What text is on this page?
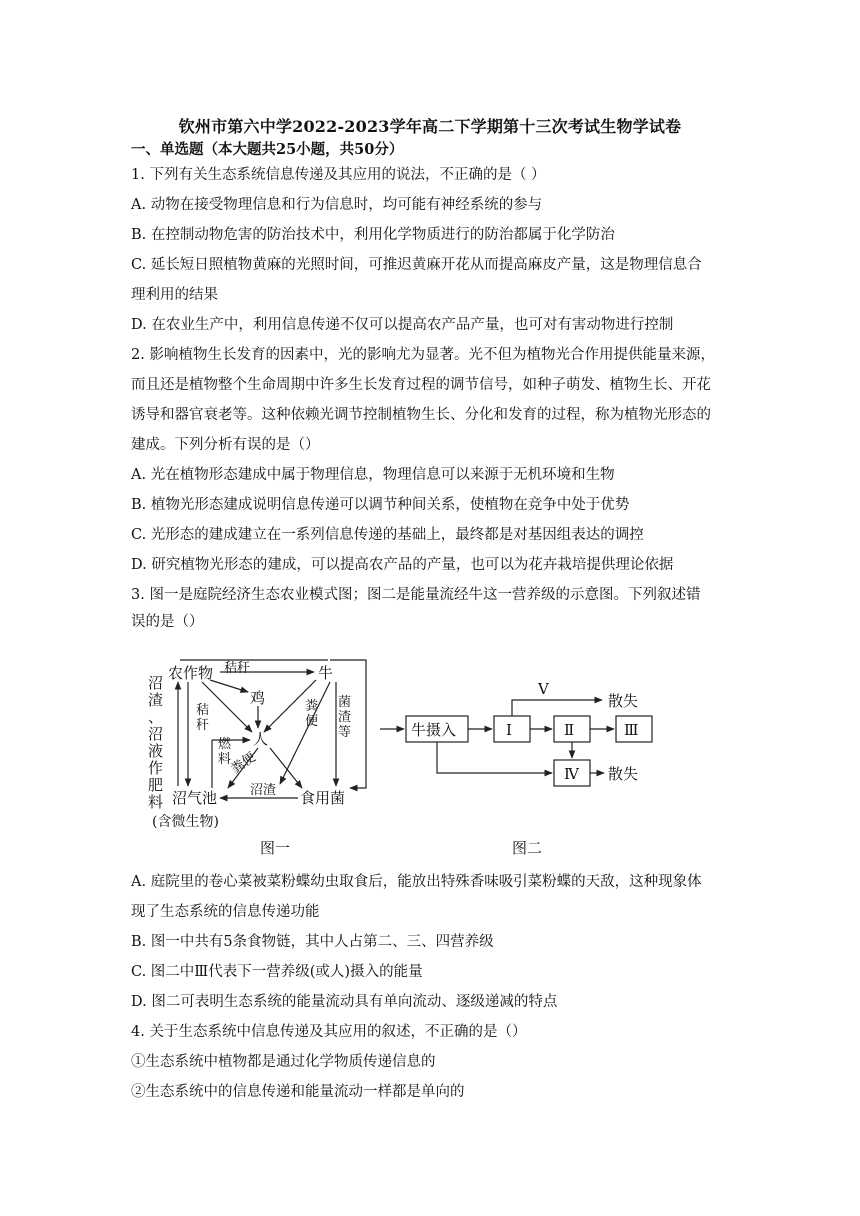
钦州市第六中学2022-2023学年高二下学期第十三次考试生物学试卷
一、单选题（本大题共25小题，共50分）
1. 下列有关生态系统信息传递及其应用的说法，不正确的是（ ）
A. 动物在接受物理信息和行为信息时，均可能有神经系统的参与
B. 在控制动物危害的防治技术中，利用化学物质进行的防治都属于化学防治
C. 延长短日照植物黄麻的光照时间，可推迟黄麻开花从而提高麻皮产量，这是物理信息合
理利用的结果
D. 在农业生产中，利用信息传递不仅可以提高农产品产量，也可对有害动物进行控制
2. 影响植物生长发育的因素中，光的影响尤为显著。光不但为植物光合作用提供能量来源，
而且还是植物整个生命周期中许多生长发育过程的调节信号，如种子萌发、植物生长、开花
诱导和器官衰老等。这种依赖光调节控制植物生长、分化和发育的过程，称为植物光形态的
建成。下列分析有误的是（）
A. 光在植物形态建成中属于物理信息，物理信息可以来源于无机环境和生物
B. 植物光形态建成说明信息传递可以调节种间关系，使植物在竞争中处于优势
C. 光形态的建成建立在一系列信息传递的基础上，最终都是对基因组表达的调控
D. 研究植物光形态的建成，可以提高农产品的产量，也可以为花卉栽培提供理论依据
3. 图一是庭院经济生态农业模式图；图二是能量流经牛这一营养级的示意图。下列叙述错
误的是（）
沼渣、沼液作肥料
农作物	牛
鸡
人
沼气池
(含微生物)
食用菌
秸秆
图一
秸秆
燃料
粪便
菌渣等
粪便
沼渣
牛摄入	Ⅰ	Ⅱ	Ⅲ
Ⅳ
Ⅴ
散失
散失
图二
A. 庭院里的卷心菜被菜粉蝶幼虫取食后，能放出特殊香味吸引菜粉蝶的天敌，这种现象体
现了生态系统的信息传递功能
B. 图一中共有5条食物链，其中人占第二、三、四营养级
C. 图二中Ⅲ代表下一营养级(或人)摄入的能量
D. 图二可表明生态系统的能量流动具有单向流动、逐级递减的特点
4. 关于生态系统中信息传递及其应用的叙述，不正确的是（）
①生态系统中植物都是通过化学物质传递信息的
②生态系统中的信息传递和能量流动一样都是单向的
